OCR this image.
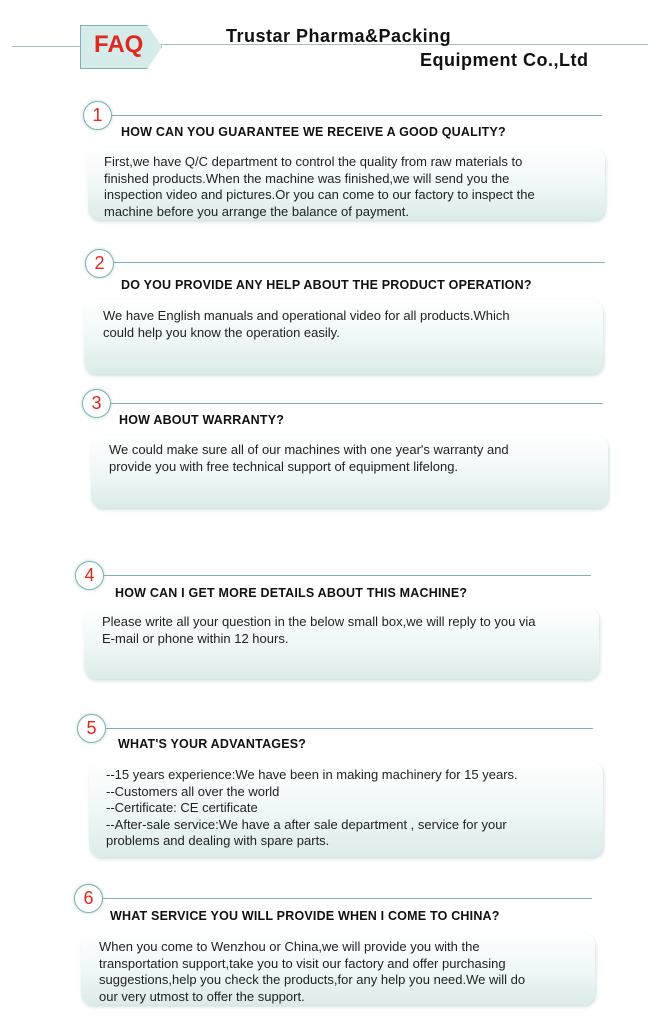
FAQ	Trustar Pharma&Packing
Equipment Co.,Ltd
1
HOW CAN YOU GUARANTEE WE RECEIVE A GOOD QUALITY?
First,we have Q/C department to control the quality from raw materials to
finished products.When the machine was finished,we will send you the
inspection video and pictures.Or you can come to our factory to inspect the
machine before you arrange the balance of payment.
2
DO YOU PROVIDE ANY HELP ABOUT THE PRODUCT OPERATION?
We have English manuals and operational video for all products.Which
could help you know the operation easily.
3
HOW ABOUT WARRANTY?
We could make sure all of our machines with one year's warranty and
provide you with free technical support of equipment lifelong.
4
HOW CAN I GET MORE DETAILS ABOUT THIS MACHINE?
Please write all your question in the below small box,we will reply to you via
E-mail or phone within 12 hours.
5
WHAT'S YOUR ADVANTAGES?
--15 years experience:We have been in making machinery for 15 years.
--Customers all over the world
--Certificate: CE certificate
--After-sale service:We have a after sale department , service for your
problems and dealing with spare parts.
6
WHAT SERVICE YOU WILL PROVIDE WHEN I COME TO CHINA?
When you come to Wenzhou or China,we will provide you with the
transportation support,take you to visit our factory and offer purchasing
suggestions,help you check the products,for any help you need.We will do
our very utmost to offer the support.
